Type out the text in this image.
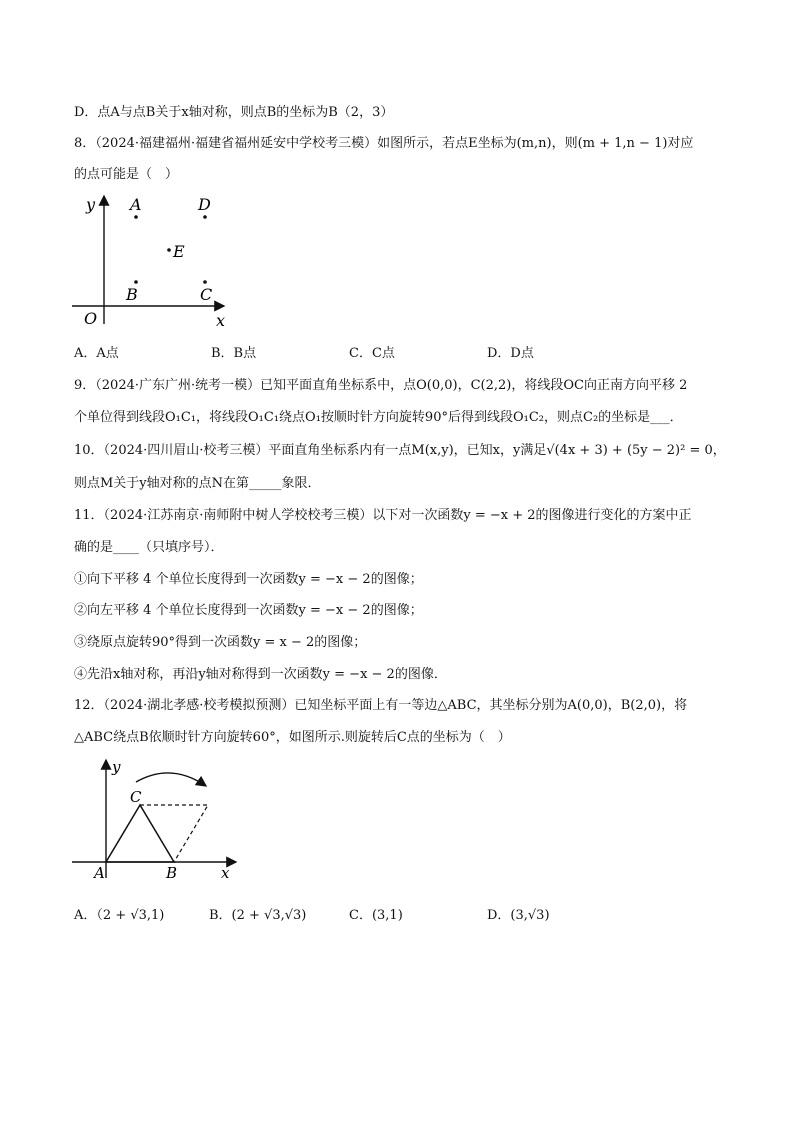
D．点A与点B关于x轴对称，则点B的坐标为B（2，3）
8．（2024·福建福州·福建省福州延安中学校考三模）如图所示，若点E坐标为(m,n)，则(m + 1,n − 1)对应
的点可能是（　）
y
x
O
A	D
E
B	C
A．A点	B．B点	C．C点	D．D点
9．（2024·广东广州·统考一模）已知平面直角坐标系中，点O(0,0)，C(2,2)，将线段OC向正南方向平移 2
个单位得到线段O₁C₁，将线段O₁C₁绕点O₁按顺时针方向旋转90°后得到线段O₁C₂，则点C₂的坐标是___．
10．（2024·四川眉山·校考三模）平面直角坐标系内有一点M(x,y)，已知x，y满足√(4x + 3) + (5y − 2)² = 0，
则点M关于y轴对称的点N在第_____象限．
11．（2024·江苏南京·南师附中树人学校校考三模）以下对一次函数y = −x + 2的图像进行变化的方案中正
确的是____（只填序号）．
①向下平移 4 个单位长度得到一次函数y = −x − 2的图像；
②向左平移 4 个单位长度得到一次函数y = −x − 2的图像；
③绕原点旋转90°得到一次函数y = x − 2的图像；
④先沿x轴对称，再沿y轴对称得到一次函数y = −x − 2的图像．
12．（2024·湖北孝感·校考模拟预测）已知坐标平面上有一等边△ABC，其坐标分别为A(0,0)，B(2,0)，将
△ABC绕点B依顺时针方向旋转60°，如图所示.则旋转后C点的坐标为（　）
y
x
C
A	B
A．（2 + √3,1)	B．(2 + √3,√3)	C．(3,1)	D．(3,√3)
